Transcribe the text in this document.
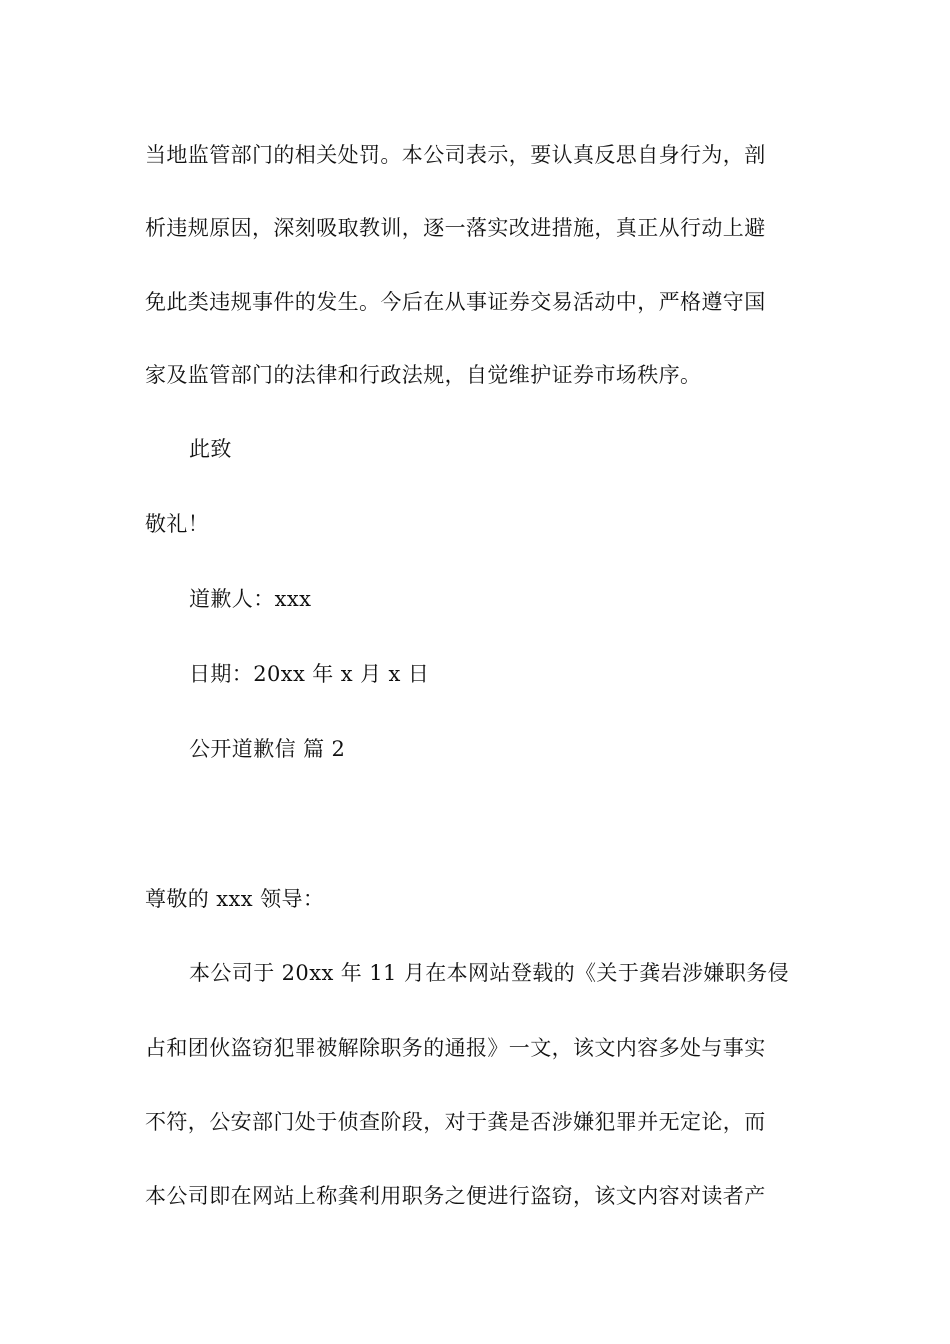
当地监管部门的相关处罚。本公司表示，要认真反思自身行为，剖
析违规原因，深刻吸取教训，逐一落实改进措施，真正从行动上避
免此类违规事件的发生。今后在从事证券交易活动中，严格遵守国
家及监管部门的法律和行政法规，自觉维护证券市场秩序。
此致
敬礼！
道歉人：xxx
日期：20xx 年 x 月 x 日
公开道歉信 篇 2
尊敬的 xxx 领导：
本公司于 20xx 年 11 月在本网站登载的《关于龚岩涉嫌职务侵
占和团伙盗窃犯罪被解除职务的通报》一文，该文内容多处与事实
不符，公安部门处于侦查阶段，对于龚是否涉嫌犯罪并无定论，而
本公司即在网站上称龚利用职务之便进行盗窃，该文内容对读者产
